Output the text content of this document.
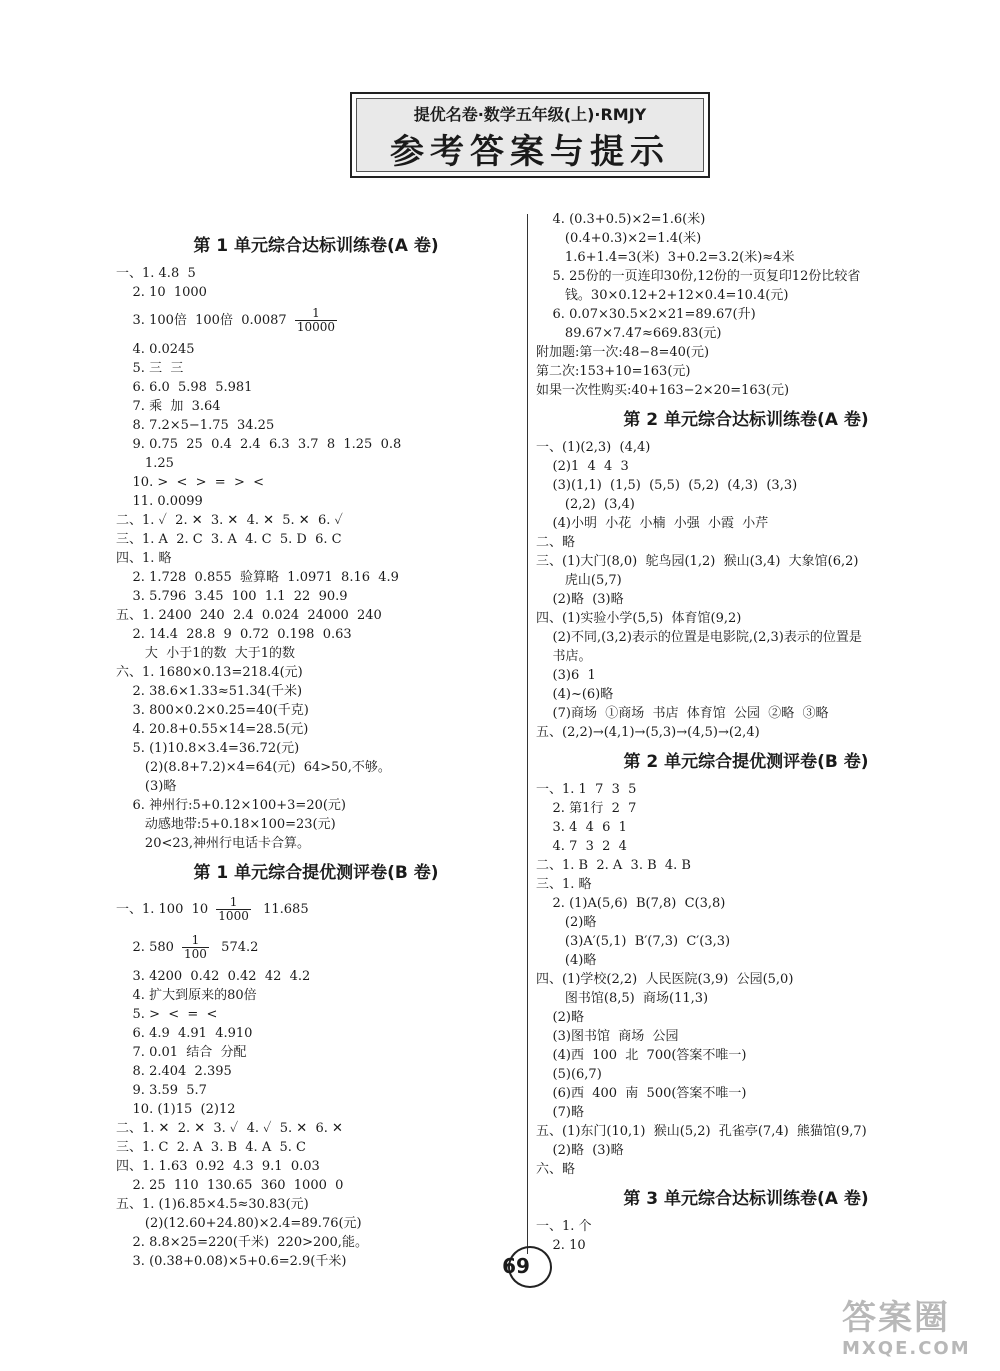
提优名卷·数学五年级(上)·RMJY
参考答案与提示
第 1 单元综合达标训练卷(A 卷)
一、1. 4.8  5
2. 10  1000
3. 100倍  100倍  $0.0087 \frac{1}{10000}$
4. 0.0245
5. 三  三
6. 6.0  5.98  5.981
7. 乘  加  3.64
8. 7.2×5−1.75  34.25
9. 0.75  25  0.4  2.4  6.3  3.7  8  1.25  0.8
1.25
10. >  <  >  =  >  <
11. 0.0099
二、1. ✓  2. ✕  3. ✕  4. ✕  5. ✕  6. ✓
三、1. A  2. C  3. A  4. C  5. D  6. C
四、1. 略
2. 1.728  0.855  验算略  1.0971  8.16  4.9
3. 5.796  3.45  100  1.1  22  90.9
五、1. 2400  240  2.4  0.024  24000  240
2. 14.4  28.8  9  0.72  0.198  0.63
大  小于1的数  大于1的数
六、1. 1680×0.13=218.4(元)
2. 38.6×1.33≈51.34(千米)
3. 800×0.2×0.25=40(千克)
4. 20.8+0.55×14=28.5(元)
5. (1)10.8×3.4=36.72(元)
(2)(8.8+7.2)×4=64(元)  64>50,不够。
(3)略
6. 神州行:5+0.12×100+3=20(元)
动感地带:5+0.18×100=23(元)
20<23,神州行电话卡合算。
第 1 单元综合提优测评卷(B 卷)
一、1. 100  $10 \frac{1}{1000} 11.685$
2. $580 \frac{1}{100} 574.2$
3. 4200  0.42  0.42  42  4.2
4. 扩大到原来的80倍
5. >  <  =  <
6. 4.9  4.91  4.910
7. 0.01  结合  分配
8. 2.404  2.395
9. 3.59  5.7
10. (1)15  (2)12
二、1. ✕  2. ✕  3. ✓  4. ✓  5. ✕  6. ✕
三、1. C  2. A  3. B  4. A  5. C
四、1. 1.63  0.92  4.3  9.1  0.03
2. 25  110  130.65  360  1000  0
五、1. (1)6.85×4.5≈30.83(元)
(2)(12.60+24.80)×2.4=89.76(元)
2. 8.8×25=220(千米)  220>200,能。
3. (0.38+0.08)×5+0.6=2.9(千米)
4. (0.3+0.5)×2=1.6(米)
(0.4+0.3)×2=1.4(米)
1.6+1.4=3(米)  3+0.2=3.2(米)≈4米
5. 25份的一页连印30份,12份的一页复印12份比较省
钱。30×0.12+2+12×0.4=10.4(元)
6. 0.07×30.5×2×21=89.67(升)
89.67×7.47≈669.83(元)
附加题:第一次:48−8=40(元)
第二次:153+10=163(元)
如果一次性购买:40+163−2×20=163(元)
第 2 单元综合达标训练卷(A 卷)
一、(1)(2,3)  (4,4)
(2)1  4  4  3
(3)(1,1)  (1,5)  (5,5)  (5,2)  (4,3)  (3,3)
(2,2)  (3,4)
(4)小明  小花  小楠  小强  小霞  小芹
二、略
三、(1)大门(8,0)  鸵鸟园(1,2)  猴山(3,4)  大象馆(6,2)
虎山(5,7)
(2)略  (3)略
四、(1)实验小学(5,5)  体育馆(9,2)
(2)不同,(3,2)表示的位置是电影院,(2,3)表示的位置是
书店。
(3)6  1
(4)~(6)略
(7)商场  ①商场  书店  体育馆  公园  ②略  ③略
五、(2,2)→(4,1)→(5,3)→(4,5)→(2,4)
第 2 单元综合提优测评卷(B 卷)
一、1. 1  7  3  5
2. 第1行  2  7
3. 4  4  6  1
4. 7  3  2  4
二、1. B  2. A  3. B  4. B
三、1. 略
2. (1)A(5,6)  B(7,8)  C(3,8)
(2)略
(3)A′(5,1)  B′(7,3)  C′(3,3)
(4)略
四、(1)学校(2,2)  人民医院(3,9)  公园(5,0)
图书馆(8,5)  商场(11,3)
(2)略
(3)图书馆  商场  公园
(4)西  100  北  700(答案不唯一)
(5)(6,7)
(6)西  400  南  500(答案不唯一)
(7)略
五、(1)东门(10,1)  猴山(5,2)  孔雀亭(7,4)  熊猫馆(9,7)
(2)略  (3)略
六、略
第 3 单元综合达标训练卷(A 卷)
一、1. 个
2. 10
69
答案圈
MXQE.COM
